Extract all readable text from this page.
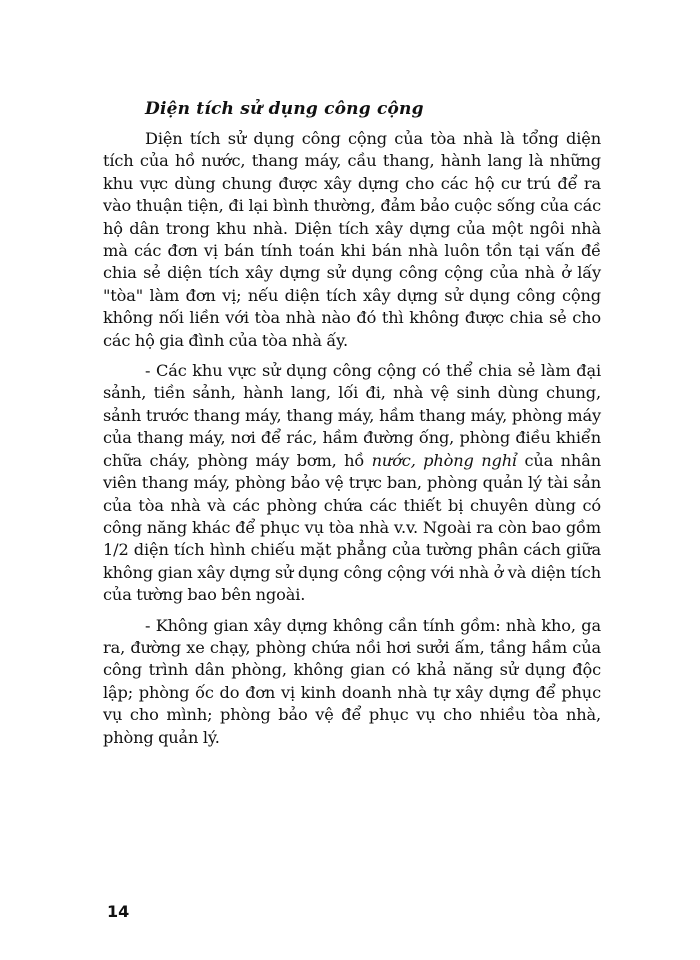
Diện tích sử dụng công cộng

Diện tích sử dụng công cộng của tòa nhà là tổng diện tích của hồ nước, thang máy, cầu thang, hành lang là những khu vực dùng chung được xây dựng cho các hộ cư trú để ra vào thuận tiện, đi lại bình thường, đảm bảo cuộc sống của các hộ dân trong khu nhà. Diện tích xây dựng của một ngôi nhà mà các đơn vị bán tính toán khi bán nhà luôn tồn tại vấn đề chia sẻ diện tích xây dựng sử dụng công cộng của nhà ở lấy "tòa" làm đơn vị; nếu diện tích xây dựng sử dụng công cộng không nối liền với tòa nhà nào đó thì không được chia sẻ cho các hộ gia đình của tòa nhà ấy.

- Các khu vực sử dụng công cộng có thể chia sẻ làm đại sảnh, tiền sảnh, hành lang, lối đi, nhà vệ sinh dùng chung, sảnh trước thang máy, thang máy, hầm thang máy, phòng máy của thang máy, nơi để rác, hầm đường ống, phòng điều khiển chữa cháy, phòng máy bơm, hồ nước, phòng nghỉ của nhân viên thang máy, phòng bảo vệ trực ban, phòng quản lý tài sản của tòa nhà và các phòng chứa các thiết bị chuyên dùng có công năng khác để phục vụ tòa nhà v.v. Ngoài ra còn bao gồm 1/2 diện tích hình chiếu mặt phẳng của tường phân cách giữa không gian xây dựng sử dụng công cộng với nhà ở và diện tích của tường bao bên ngoài.

- Không gian xây dựng không cần tính gồm: nhà kho, ga ra, đường xe chạy, phòng chứa nồi hơi sưởi ấm, tầng hầm của công trình dân phòng, không gian có khả năng sử dụng độc lập; phòng ốc do đơn vị kinh doanh nhà tự xây dựng để phục vụ cho mình; phòng bảo vệ để phục vụ cho nhiều tòa nhà, phòng quản lý.

14
